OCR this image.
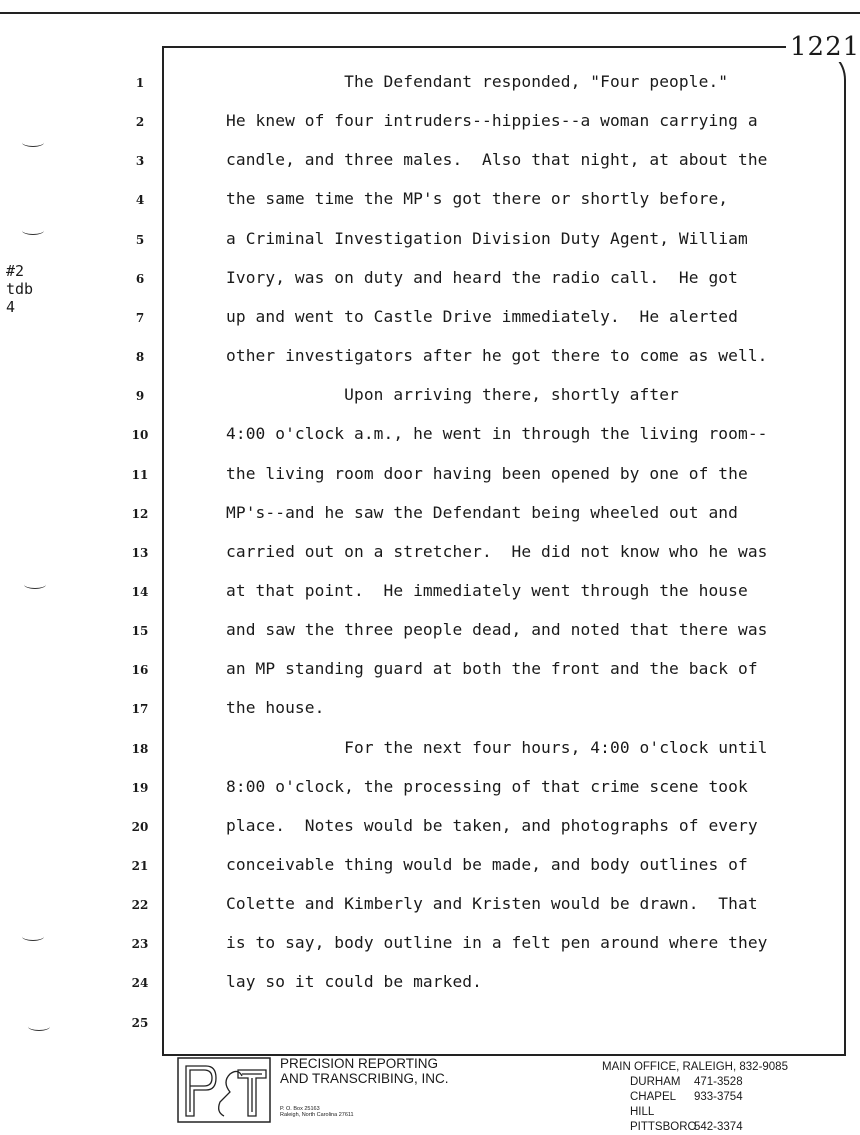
1221
#2
tdb
4
1	The Defendant responded, "Four people."
2	He knew of four intruders--hippies--a woman carrying a
3	candle, and three males.  Also that night, at about the
4	the same time the MP's got there or shortly before,
5	a Criminal Investigation Division Duty Agent, William
6	Ivory, was on duty and heard the radio call.  He got
7	up and went to Castle Drive immediately.  He alerted
8	other investigators after he got there to come as well.
9	Upon arriving there, shortly after
10	4:00 o'clock a.m., he went in through the living room--
11	the living room door having been opened by one of the
12	MP's--and he saw the Defendant being wheeled out and
13	carried out on a stretcher.  He did not know who he was
14	at that point.  He immediately went through the house
15	and saw the three people dead, and noted that there was
16	an MP standing guard at both the front and the back of
17	the house.
18	For the next four hours, 4:00 o'clock until
19	8:00 o'clock, the processing of that crime scene took
20	place.  Notes would be taken, and photographs of every
21	conceivable thing would be made, and body outlines of
22	Colette and Kimberly and Kristen would be drawn.  That
23	is to say, body outline in a felt pen around where they
24	lay so it could be marked.
25
PRECISION REPORTING
AND TRANSCRIBING, INC.
P. O. Box 25163
Raleigh, North Carolina 27611
MAIN OFFICE, RALEIGH, 832-9085
DURHAM	471-3528
CHAPEL HILL
933-3754
PITTSBORO
542-3374
